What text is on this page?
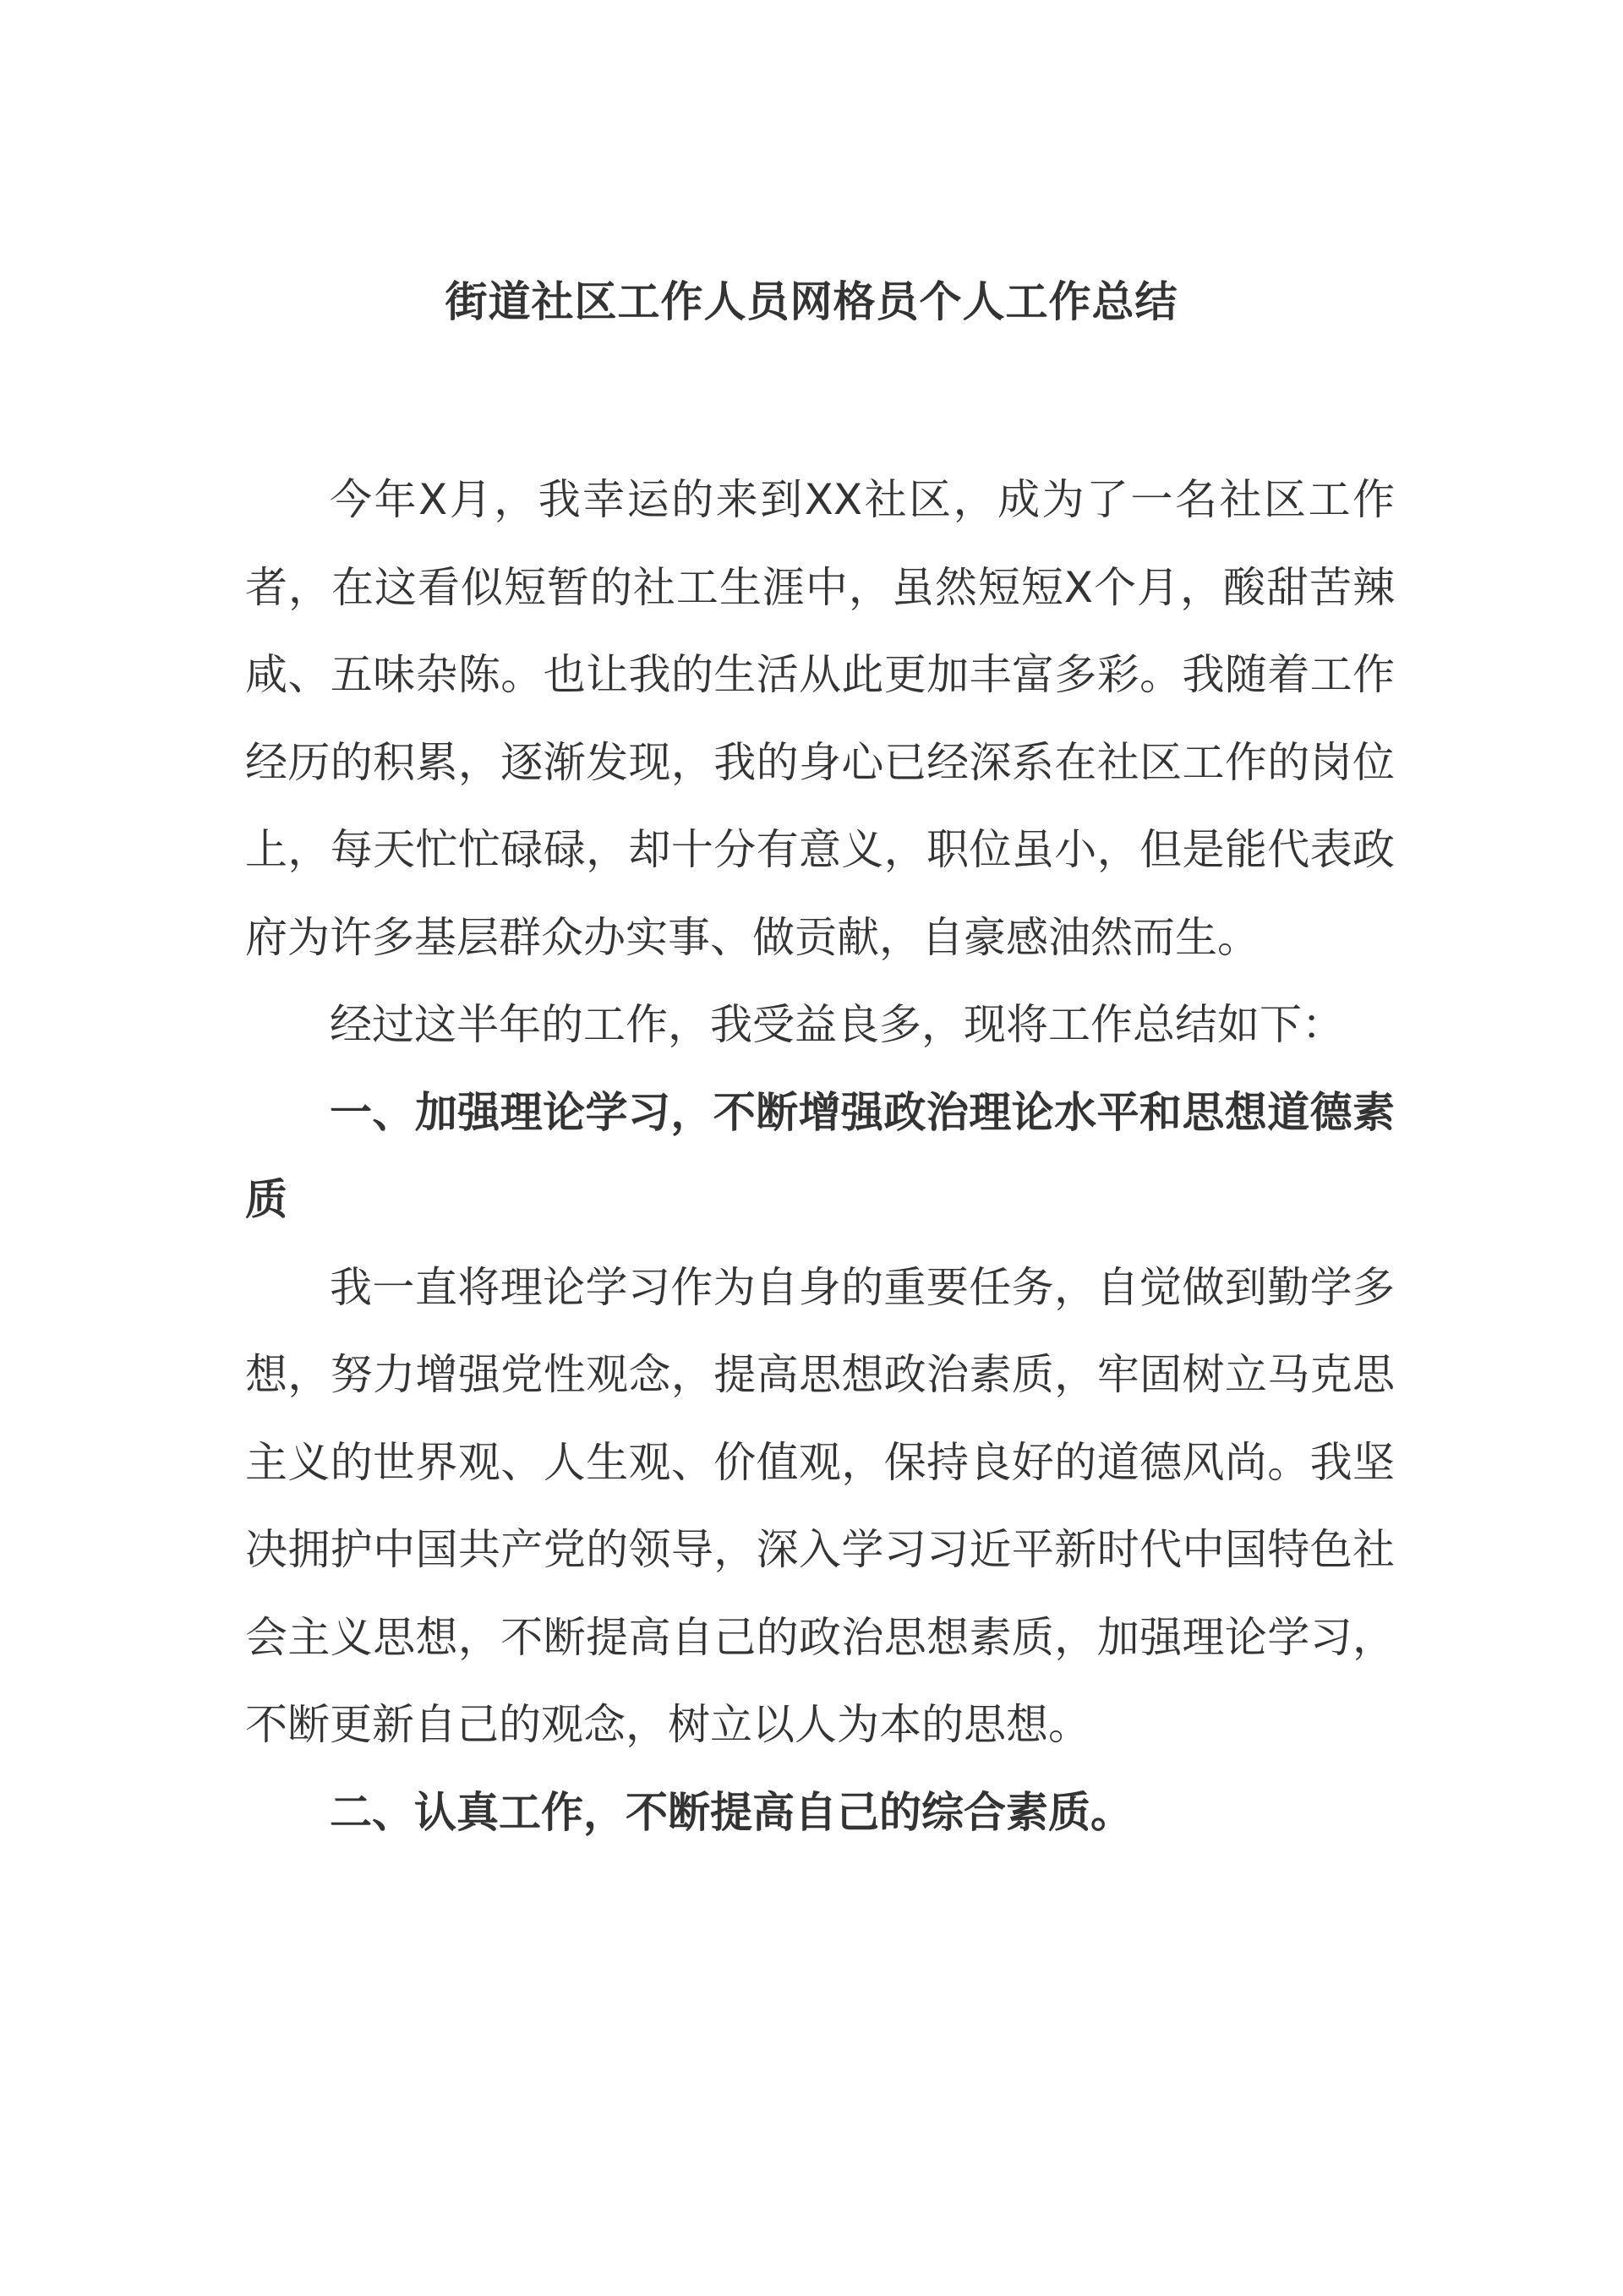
街道社区工作人员网格员个人工作总结

今年X月，我幸运的来到XX社区，成为了一名社区工作者，在这看似短暂的社工生涯中，虽然短短X个月，酸甜苦辣咸、五味杂陈。也让我的生活从此更加丰富多彩。我随着工作经历的积累，逐渐发现，我的身心已经深系在社区工作的岗位上，每天忙忙碌碌，却十分有意义，职位虽小，但是能代表政府为许多基层群众办实事、做贡献，自豪感油然而生。

经过这半年的工作，我受益良多，现将工作总结如下：

一、加强理论学习，不断增强政治理论水平和思想道德素质

我一直将理论学习作为自身的重要任务，自觉做到勤学多想，努力增强党性观念，提高思想政治素质，牢固树立马克思主义的世界观、人生观、价值观，保持良好的道德风尚。我坚决拥护中国共产党的领导，深入学习习近平新时代中国特色社会主义思想，不断提高自己的政治思想素质，加强理论学习，不断更新自己的观念，树立以人为本的思想。

二、认真工作，不断提高自己的综合素质。
